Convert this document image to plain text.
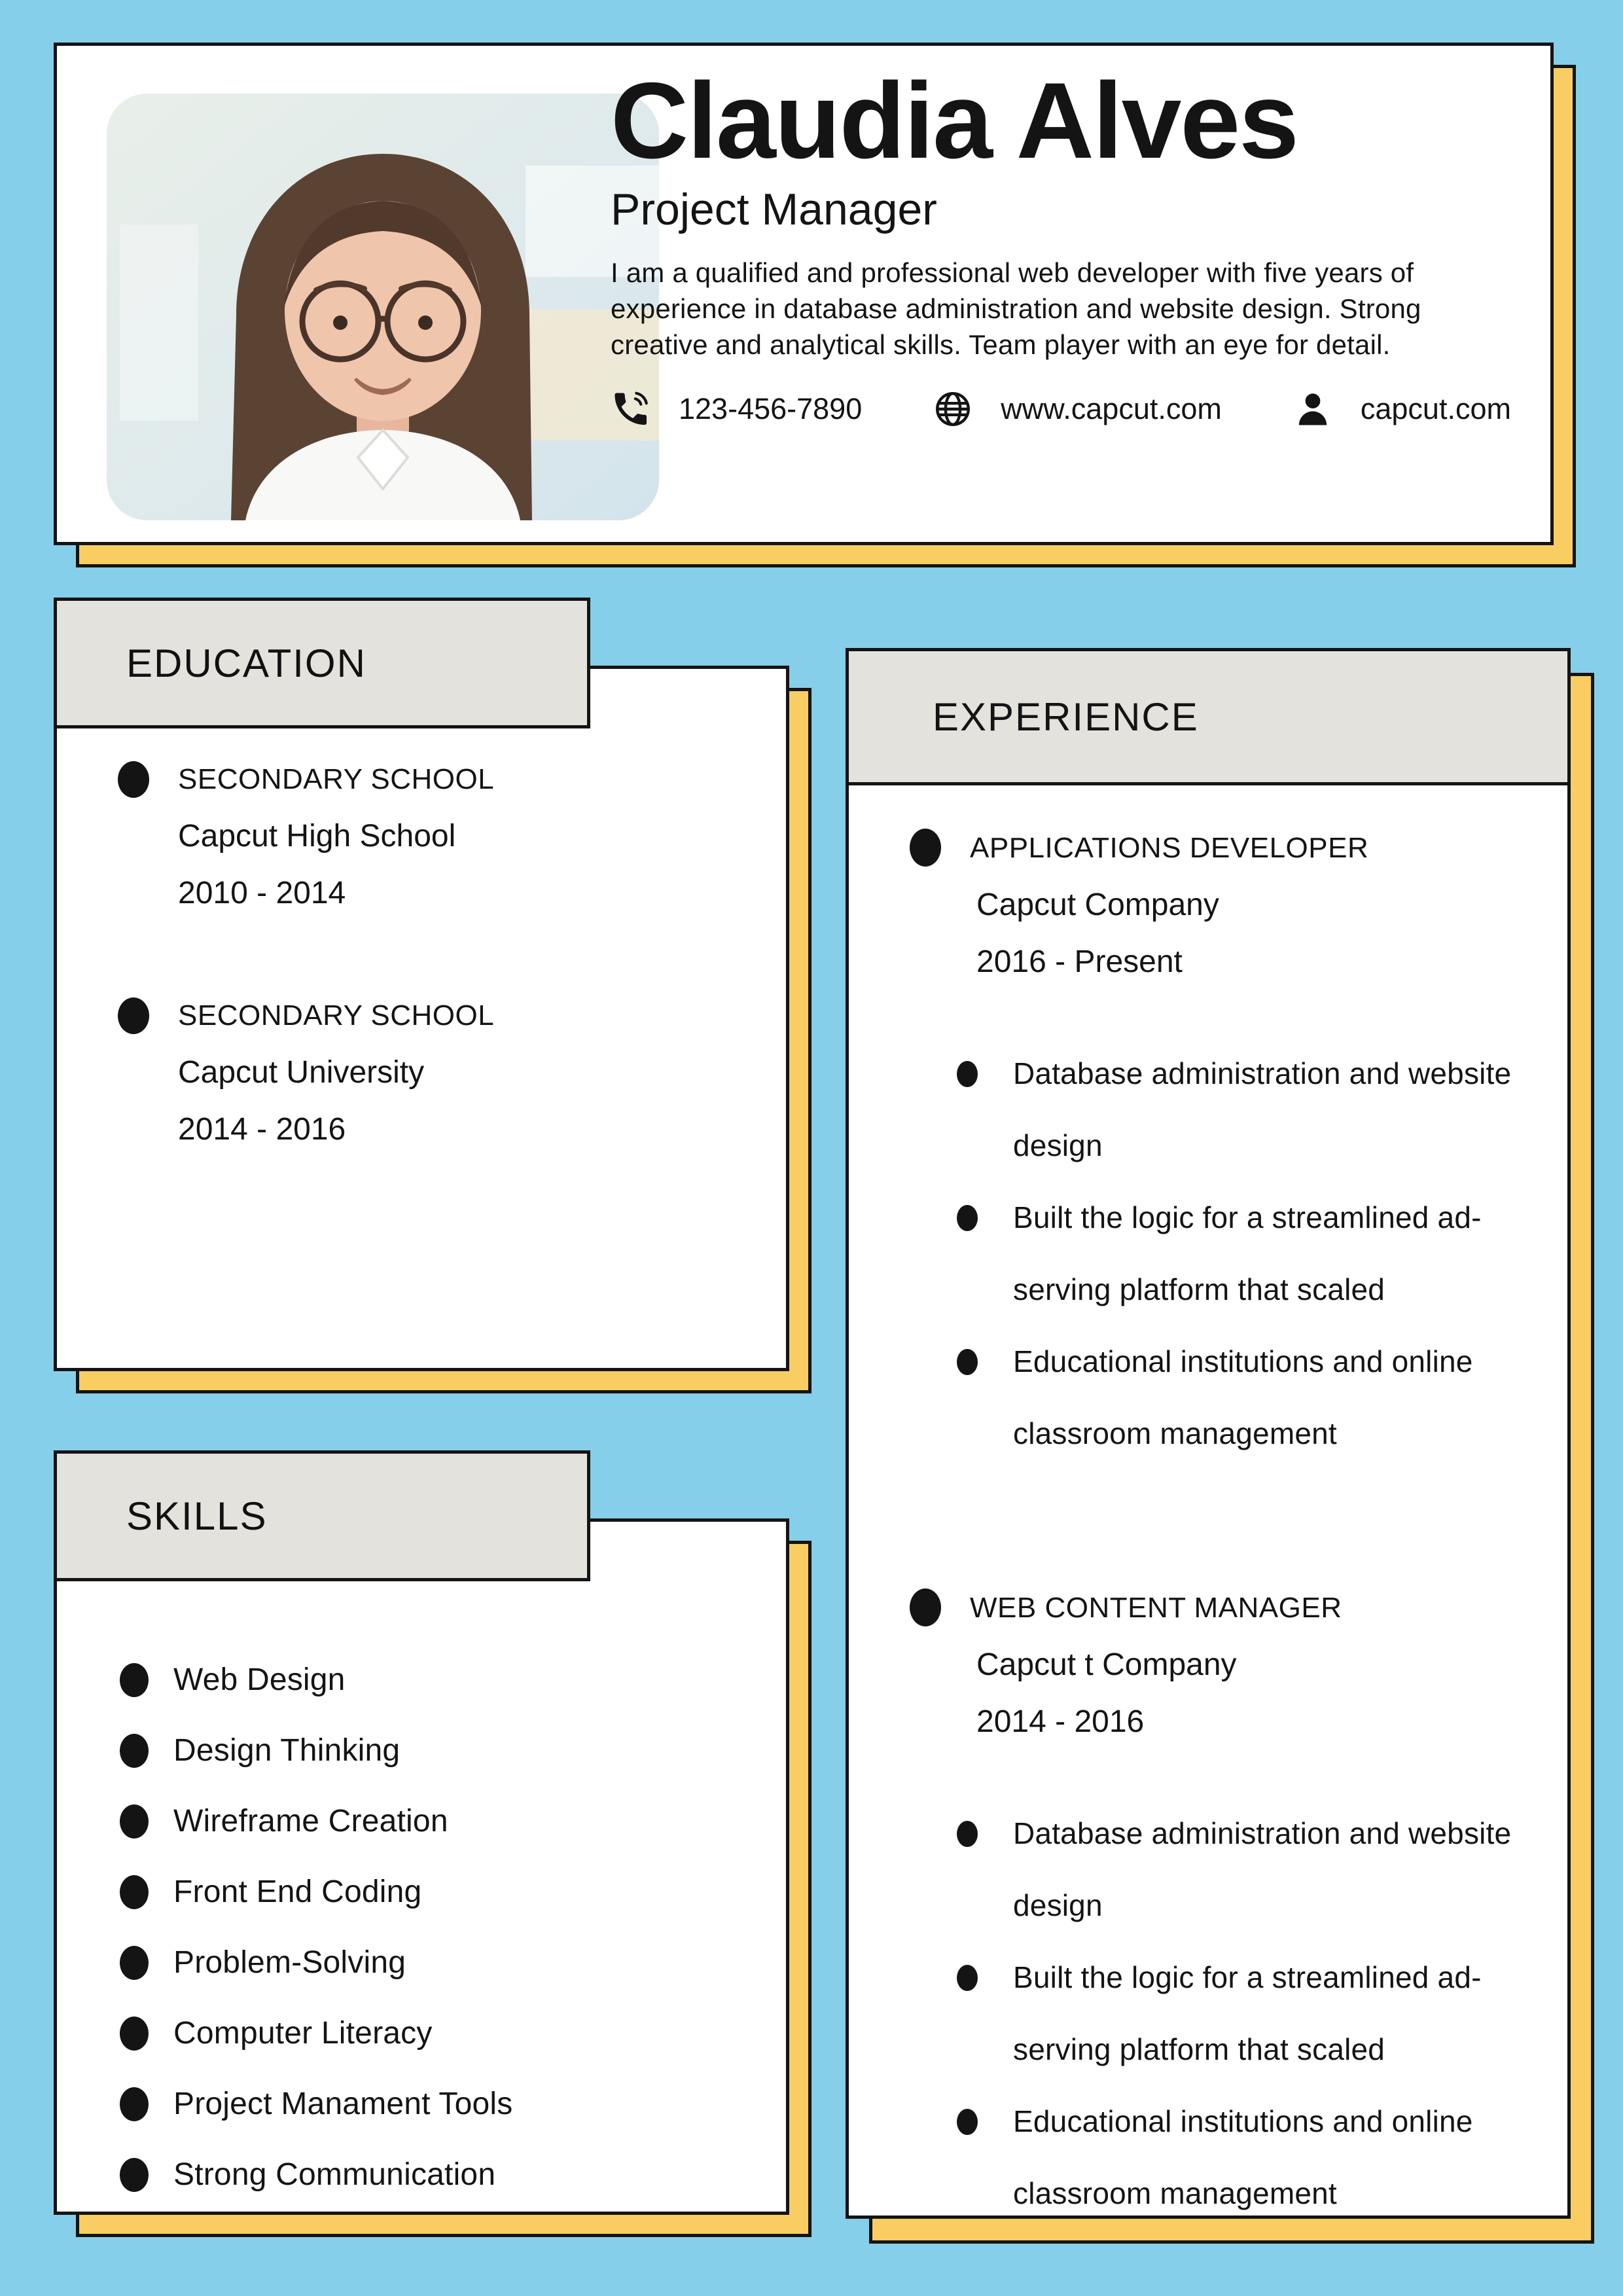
Claudia Alves
Project Manager
I am a qualified and professional web developer with five years of experience in database administration and website design. Strong creative and analytical skills. Team player with an eye for detail.
123-456-7890	www.capcut.com	capcut.com
SECONDARY SCHOOL
Capcut High School
2010 - 2014
SECONDARY SCHOOL
Capcut University
2014 - 2016
EDUCATION
Web Design
Design Thinking
Wireframe Creation
Front End Coding
Problem-Solving
Computer Literacy
Project Manament Tools
Strong Communication
SKILLS
EXPERIENCE
APPLICATIONS DEVELOPER
Capcut Company
2016 - Present
Database administration and website design
Built the logic for a streamlined ad-serving platform that scaled
Educational institutions and online classroom management
WEB CONTENT MANAGER
Capcut t Company
2014 - 2016
Database administration and website design
Built the logic for a streamlined ad-serving platform that scaled
Educational institutions and online classroom management
